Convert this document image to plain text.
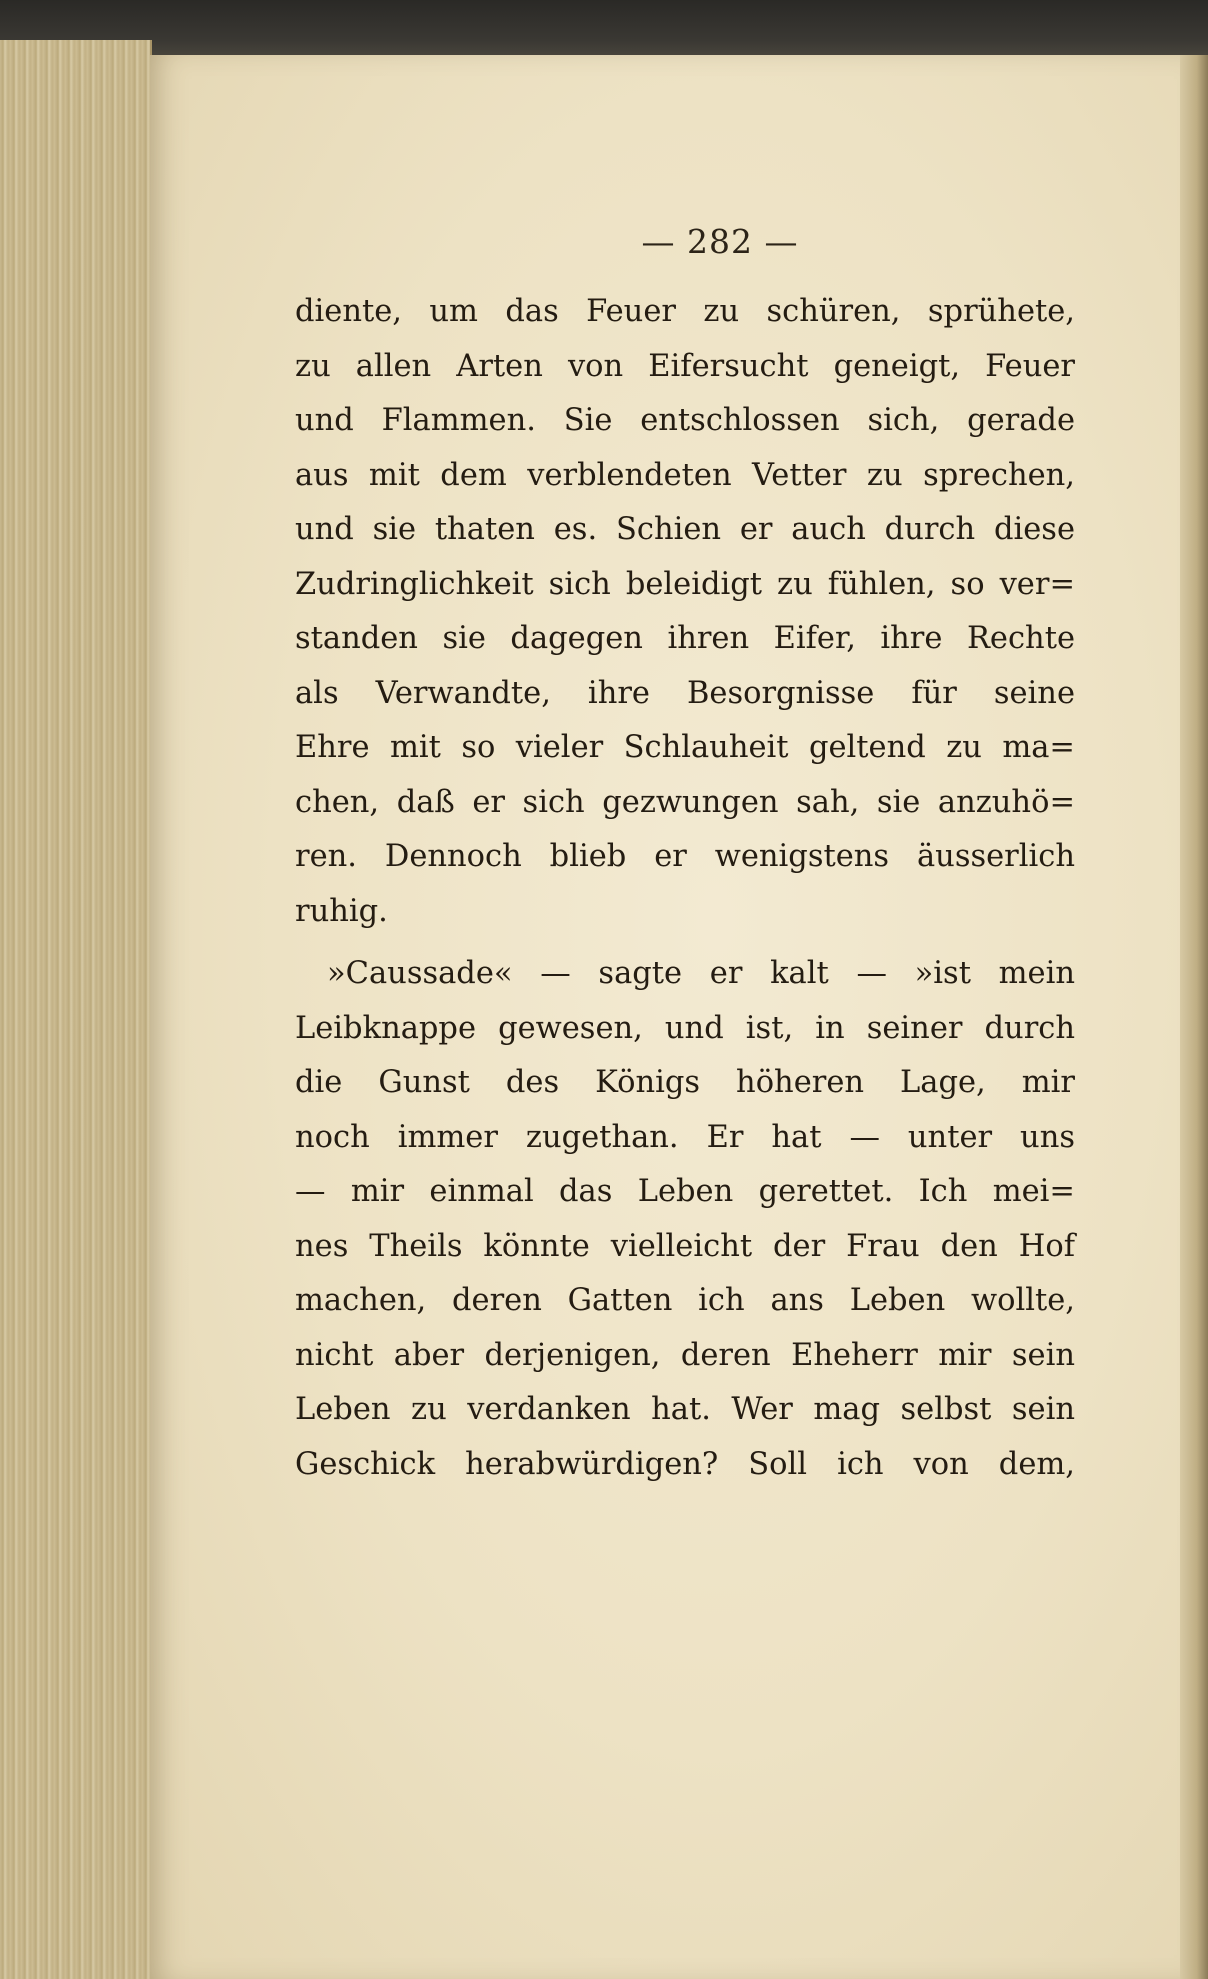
— 282 —
diente, um das Feuer zu schüren, sprühete,
zu allen Arten von Eifersucht geneigt, Feuer
und Flammen. Sie entschlossen sich, gerade
aus mit dem verblendeten Vetter zu sprechen,
und sie thaten es. Schien er auch durch diese
Zudringlichkeit sich beleidigt zu fühlen, so ver=
standen sie dagegen ihren Eifer, ihre Rechte
als Verwandte, ihre Besorgnisse für seine
Ehre mit so vieler Schlauheit geltend zu ma=
chen, daß er sich gezwungen sah, sie anzuhö=
ren. Dennoch blieb er wenigstens äusserlich
ruhig.
»Caussade« — sagte er kalt — »ist mein
Leibknappe gewesen, und ist, in seiner durch
die Gunst des Königs höheren Lage, mir
noch immer zugethan. Er hat — unter uns
— mir einmal das Leben gerettet. Ich mei=
nes Theils könnte vielleicht der Frau den Hof
machen, deren Gatten ich ans Leben wollte,
nicht aber derjenigen, deren Eheherr mir sein
Leben zu verdanken hat. Wer mag selbst sein
Geschick herabwürdigen? Soll ich von dem,
